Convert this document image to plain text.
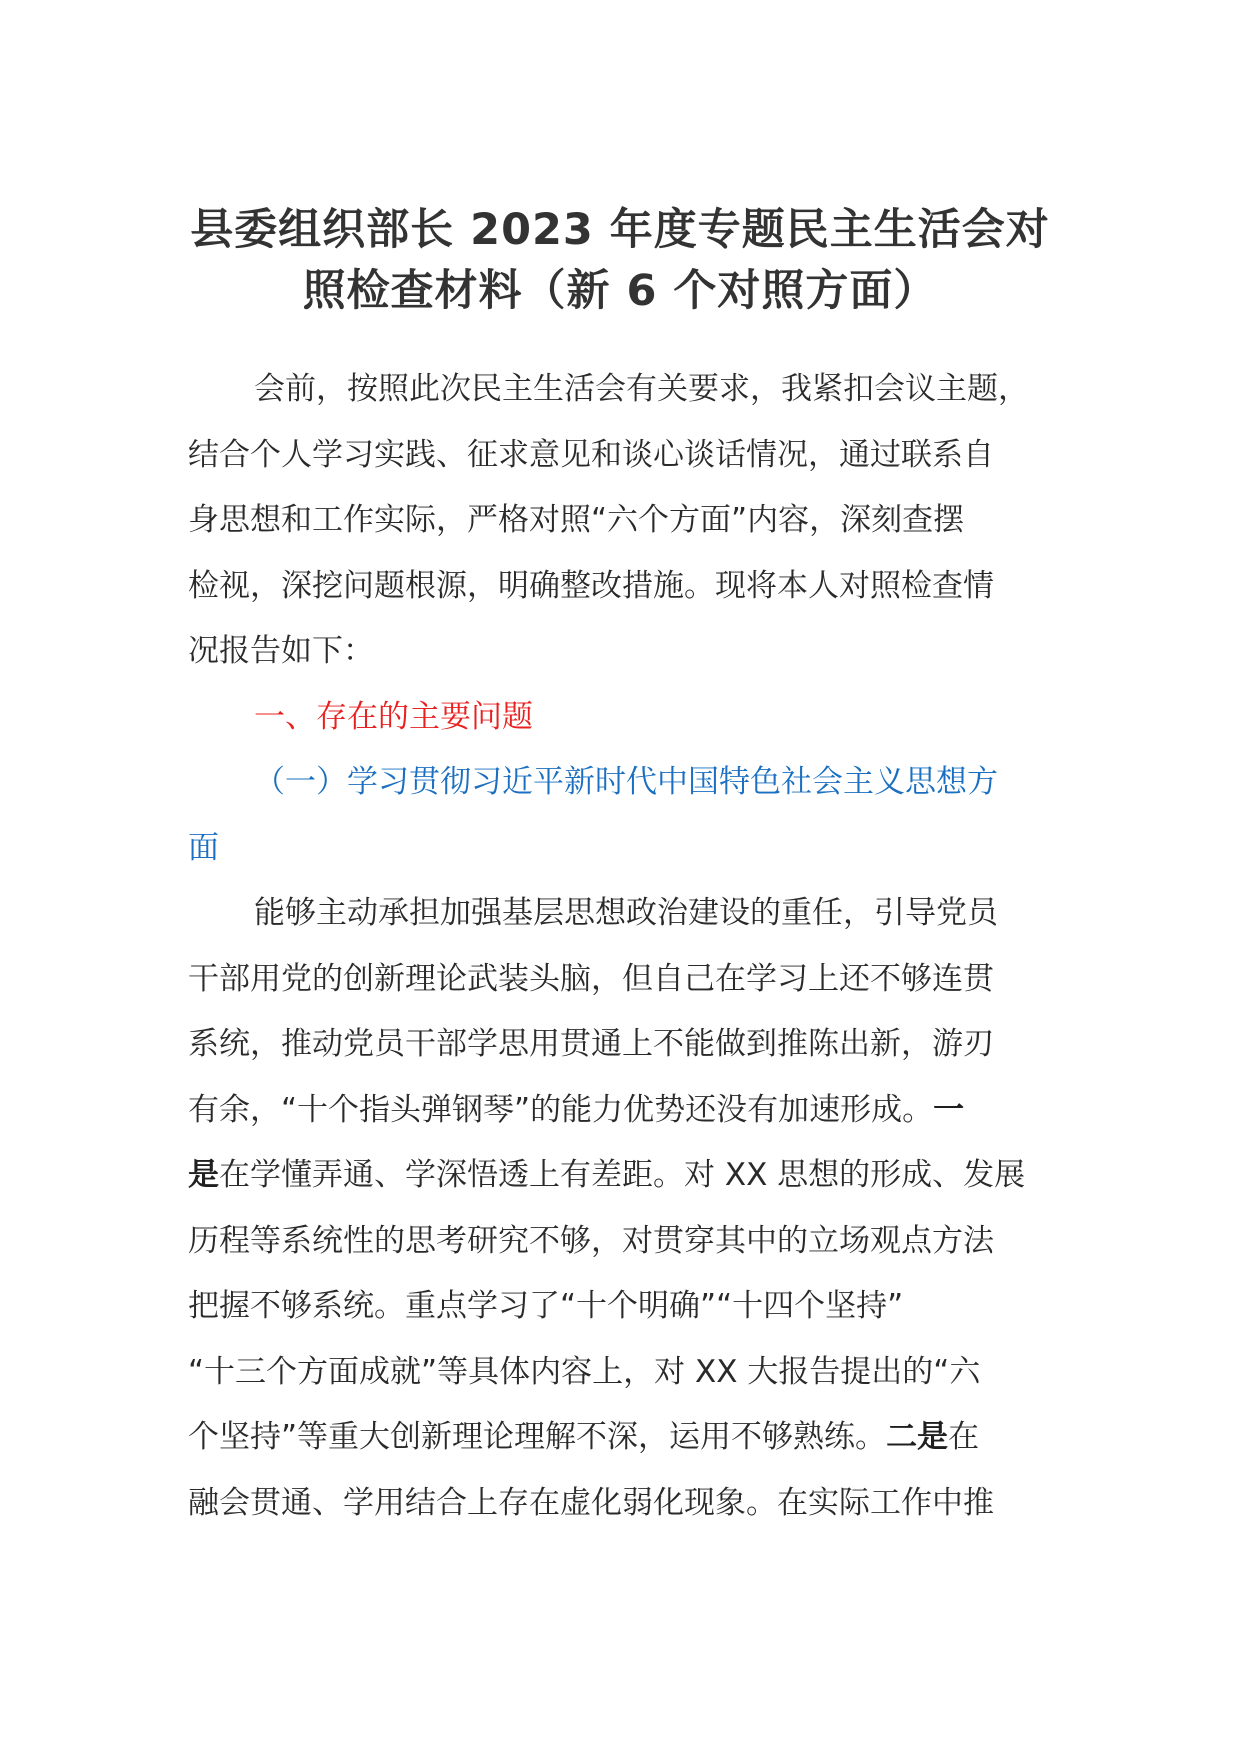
县委组织部长 2023 年度专题民主生活会对
照检查材料（新 6 个对照方面）
会前，按照此次民主生活会有关要求，我紧扣会议主题，
结合个人学习实践、征求意见和谈心谈话情况，通过联系自
身思想和工作实际，严格对照“六个方面”内容，深刻查摆
检视，深挖问题根源，明确整改措施。现将本人对照检查情
况报告如下：
一、存在的主要问题
（一）学习贯彻习近平新时代中国特色社会主义思想方
面
能够主动承担加强基层思想政治建设的重任，引导党员
干部用党的创新理论武装头脑，但自己在学习上还不够连贯
系统，推动党员干部学思用贯通上不能做到推陈出新，游刃
有余，“十个指头弹钢琴”的能力优势还没有加速形成。一
是在学懂弄通、学深悟透上有差距。对 XX 思想的形成、发展
历程等系统性的思考研究不够，对贯穿其中的立场观点方法
把握不够系统。重点学习了“十个明确”“十四个坚持”
“十三个方面成就”等具体内容上，对 XX 大报告提出的“六
个坚持”等重大创新理论理解不深，运用不够熟练。二是在
融会贯通、学用结合上存在虚化弱化现象。在实际工作中推
